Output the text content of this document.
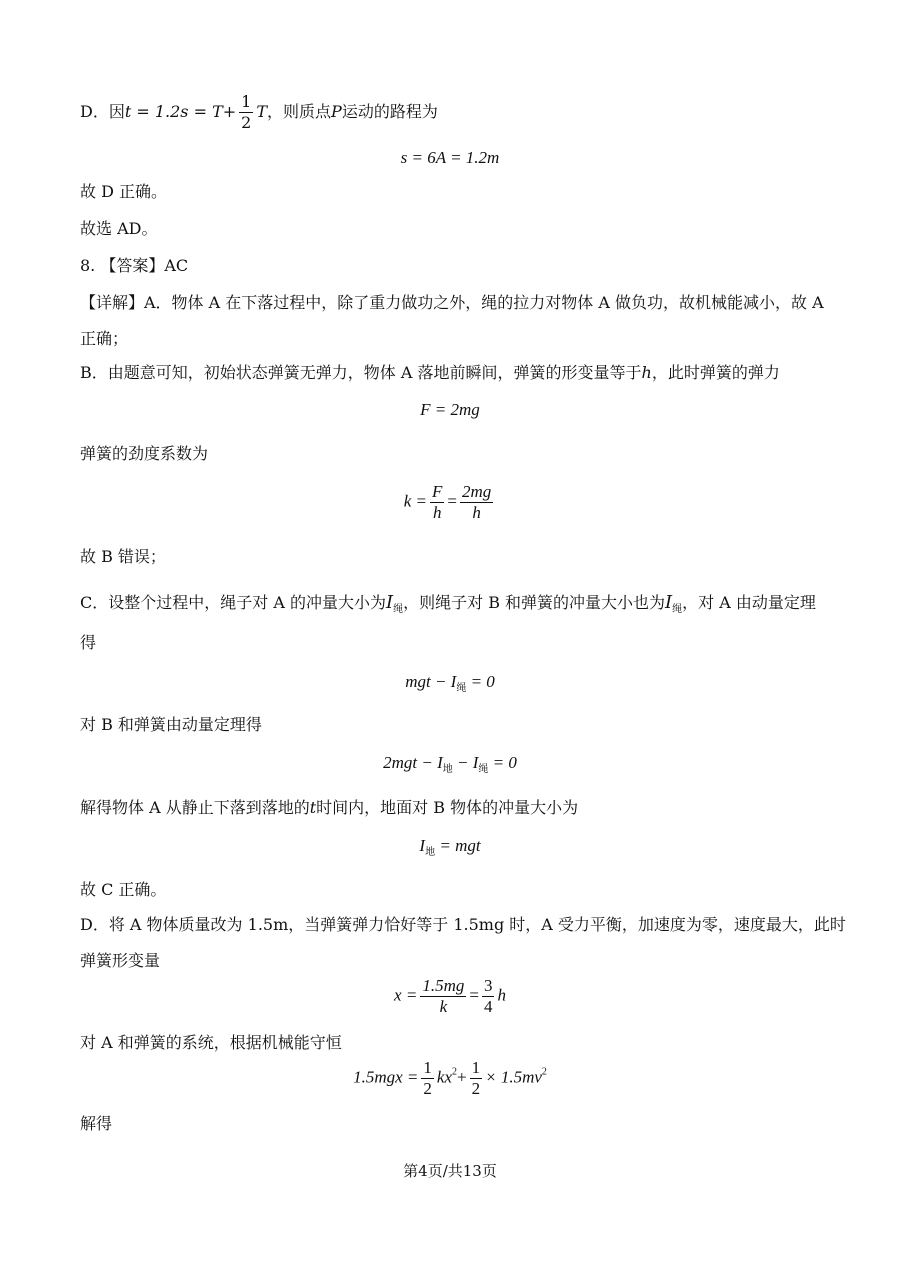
D．因$t = 1.2s = T+ \frac{1}{2}$ T，则质点P运动的路程为
s = 6A = 1.2m
故 D 正确。
故选 AD。
8. 【答案】AC
【详解】A．物体 A 在下落过程中，除了重力做功之外，绳的拉力对物体 A 做负功，故机械能减小，故 A
正确；
B．由题意可知，初始状态弹簧无弹力，物体 A 落地前瞬间，弹簧的形变量等于h，此时弹簧的弹力
F = 2mg
弹簧的劲度系数为
$k = \frac{F}{h} = \frac{2mg}{h}$
故 B 错误；
C．设整个过程中，绳子对 A 的冲量大小为$I_绳$，则绳子对 B 和弹簧的冲量大小也为$I_绳$，对 A 由动量定理
得
mgt − $I_绳 = 0$
对 B 和弹簧由动量定理得
$2mgt - I_地 - I_绳 = 0$
解得物体 A 从静止下落到落地的t时间内，地面对 B 物体的冲量大小为
$I_地$ = mgt
故 C 正确。
D．将 A 物体质量改为 1.5m，当弹簧弹力恰好等于 1.5mg 时，A 受力平衡，加速度为零，速度最大，此时
弹簧形变量
$x = \frac{1.5mg}{k} = \frac{3}{4}$ h
对 A 和弹簧的系统，根据机械能守恒
$1.5mgx = \frac{1}{2} kx^2+ \frac{1}{2} \times 1.5mv^2$
解得
第4页/共13页
